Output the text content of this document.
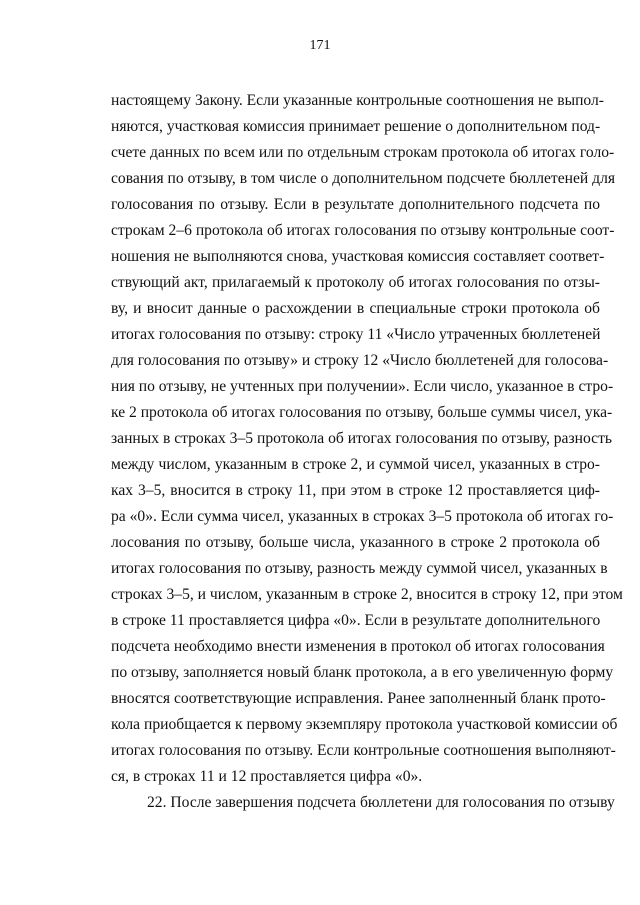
171
настоящему Закону. Если указанные контрольные соотношения не выпол-
няются, участковая комиссия принимает решение о дополнительном под-
счете данных по всем или по отдельным строкам протокола об итогах голо-
сования по отзыву, в том числе о дополнительном подсчете бюллетеней для
голосования по отзыву. Если в результате дополнительного подсчета по
строкам 2–6 протокола об итогах голосования по отзыву контрольные соот-
ношения не выполняются снова, участковая комиссия составляет соответ-
ствующий акт, прилагаемый к протоколу об итогах голосования по отзы-
ву, и вносит данные о расхождении в специальные строки протокола об
итогах голосования по отзыву: строку 11 «Число утраченных бюллетеней
для голосования по отзыву» и строку 12 «Число бюллетеней для голосова-
ния по отзыву, не учтенных при получении». Если число, указанное в стро-
ке 2 протокола об итогах голосования по отзыву, больше суммы чисел, ука-
занных в строках 3–5 протокола об итогах голосования по отзыву, разность
между числом, указанным в строке 2, и суммой чисел, указанных в стро-
ках 3–5, вносится в строку 11, при этом в строке 12 проставляется циф-
ра «0». Если сумма чисел, указанных в строках 3–5 протокола об итогах го-
лосования по отзыву, больше числа, указанного в строке 2 протокола об
итогах голосования по отзыву, разность между суммой чисел, указанных в
строках 3–5, и числом, указанным в строке 2, вносится в строку 12, при этом
в строке 11 проставляется цифра «0». Если в результате дополнительного
подсчета необходимо внести изменения в протокол об итогах голосования
по отзыву, заполняется новый бланк протокола, а в его увеличенную форму
вносятся соответствующие исправления. Ранее заполненный бланк прото-
кола приобщается к первому экземпляру протокола участковой комиссии об
итогах голосования по отзыву. Если контрольные соотношения выполняют-
ся, в строках 11 и 12 проставляется цифра «0».
22. После завершения подсчета бюллетени для голосования по отзыву
